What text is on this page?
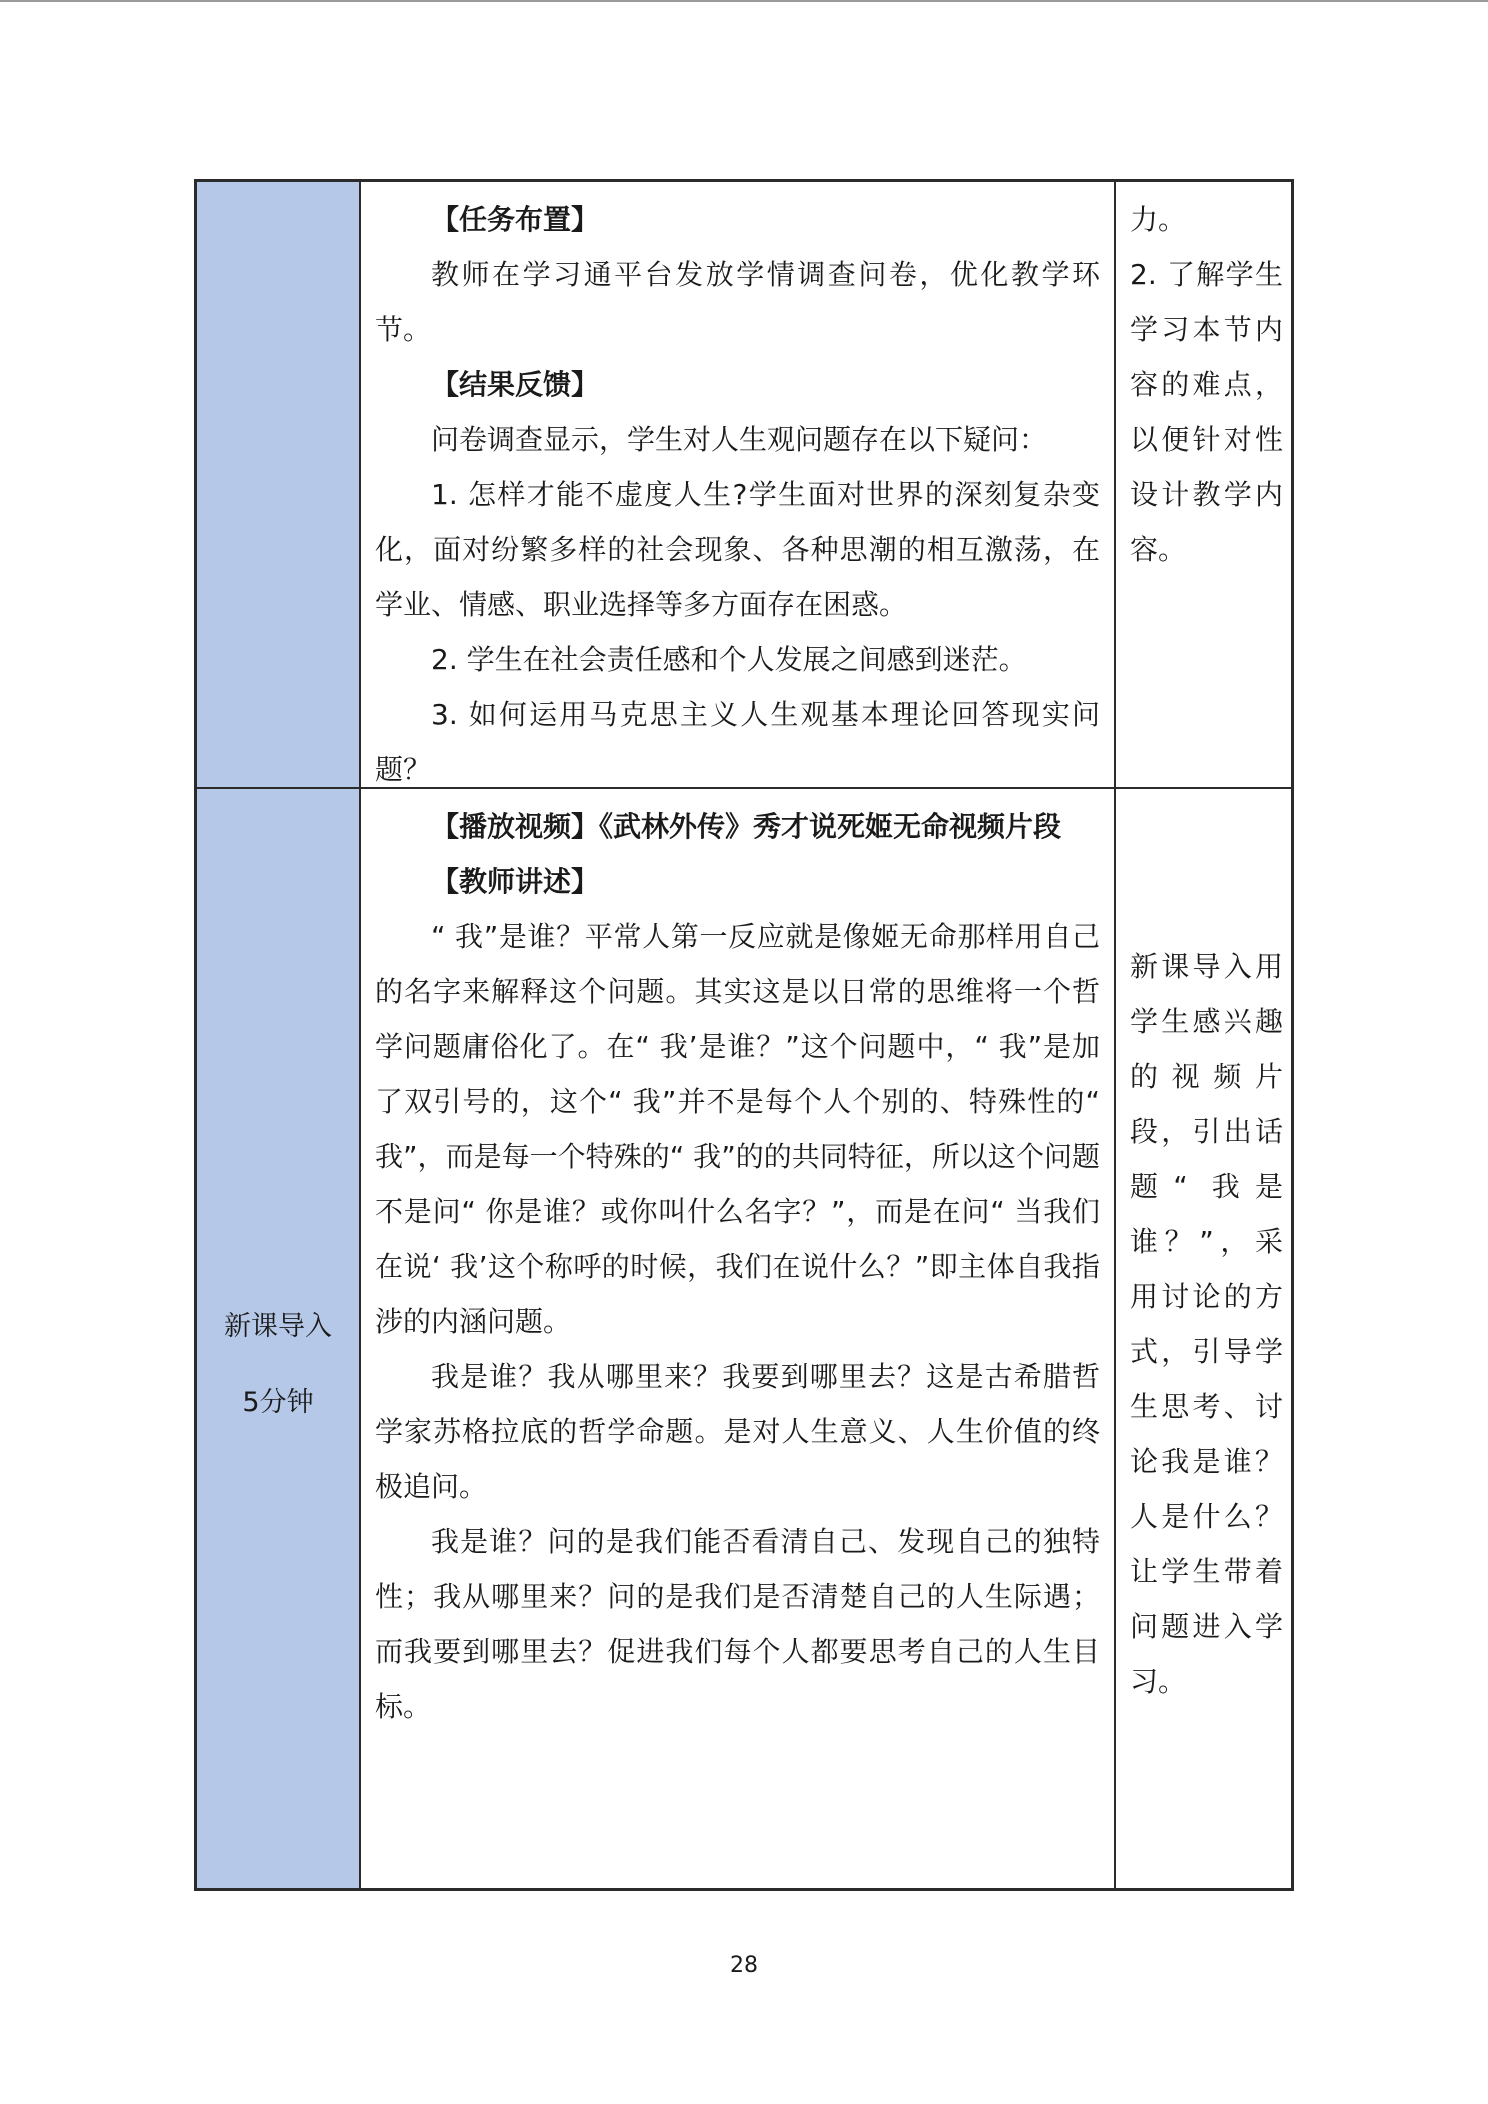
【任务布置】

教师在学习通平台发放学情调查问卷，优化教学环节。

【结果反馈】

问卷调查显示，学生对人生观问题存在以下疑问：

1. 怎样才能不虚度人生?学生面对世界的深刻复杂变化，面对纷繁多样的社会现象、各种思潮的相互激荡，在学业、情感、职业选择等多方面存在困惑。

2. 学生在社会责任感和个人发展之间感到迷茫。

3. 如何运用马克思主义人生观基本理论回答现实问题？

力。
2. 了解学生学习本节内容的难点，以便针对性设计教学内容。

新课导入
5分钟

【播放视频】《武林外传》秀才说死姬无命视频片段

【教师讲述】

“ 我”是谁？平常人第一反应就是像姬无命那样用自己的名字来解释这个问题。其实这是以日常的思维将一个哲学问题庸俗化了。在“ 我’是谁？”这个问题中，“ 我”是加了双引号的，这个“ 我”并不是每个人个别的、特殊性的“ 我”，而是每一个特殊的“ 我”的的共同特征，所以这个问题不是问“ 你是谁？或你叫什么名字？”，而是在问“ 当我们在说‘ 我’这个称呼的时候，我们在说什么？”即主体自我指涉的内涵问题。

我是谁？我从哪里来？我要到哪里去？这是古希腊哲学家苏格拉底的哲学命题。是对人生意义、人生价值的终极追问。

我是谁？问的是我们能否看清自己、发现自己的独特性；我从哪里来？问的是我们是否清楚自己的人生际遇；而我要到哪里去？促进我们每个人都要思考自己的人生目标。

新课导入用学生感兴趣的视频片段，引出话题“ 我是谁？”，采用讨论的方式，引导学生思考、讨论我是谁？人是什么？让学生带着问题进入学习。

28
